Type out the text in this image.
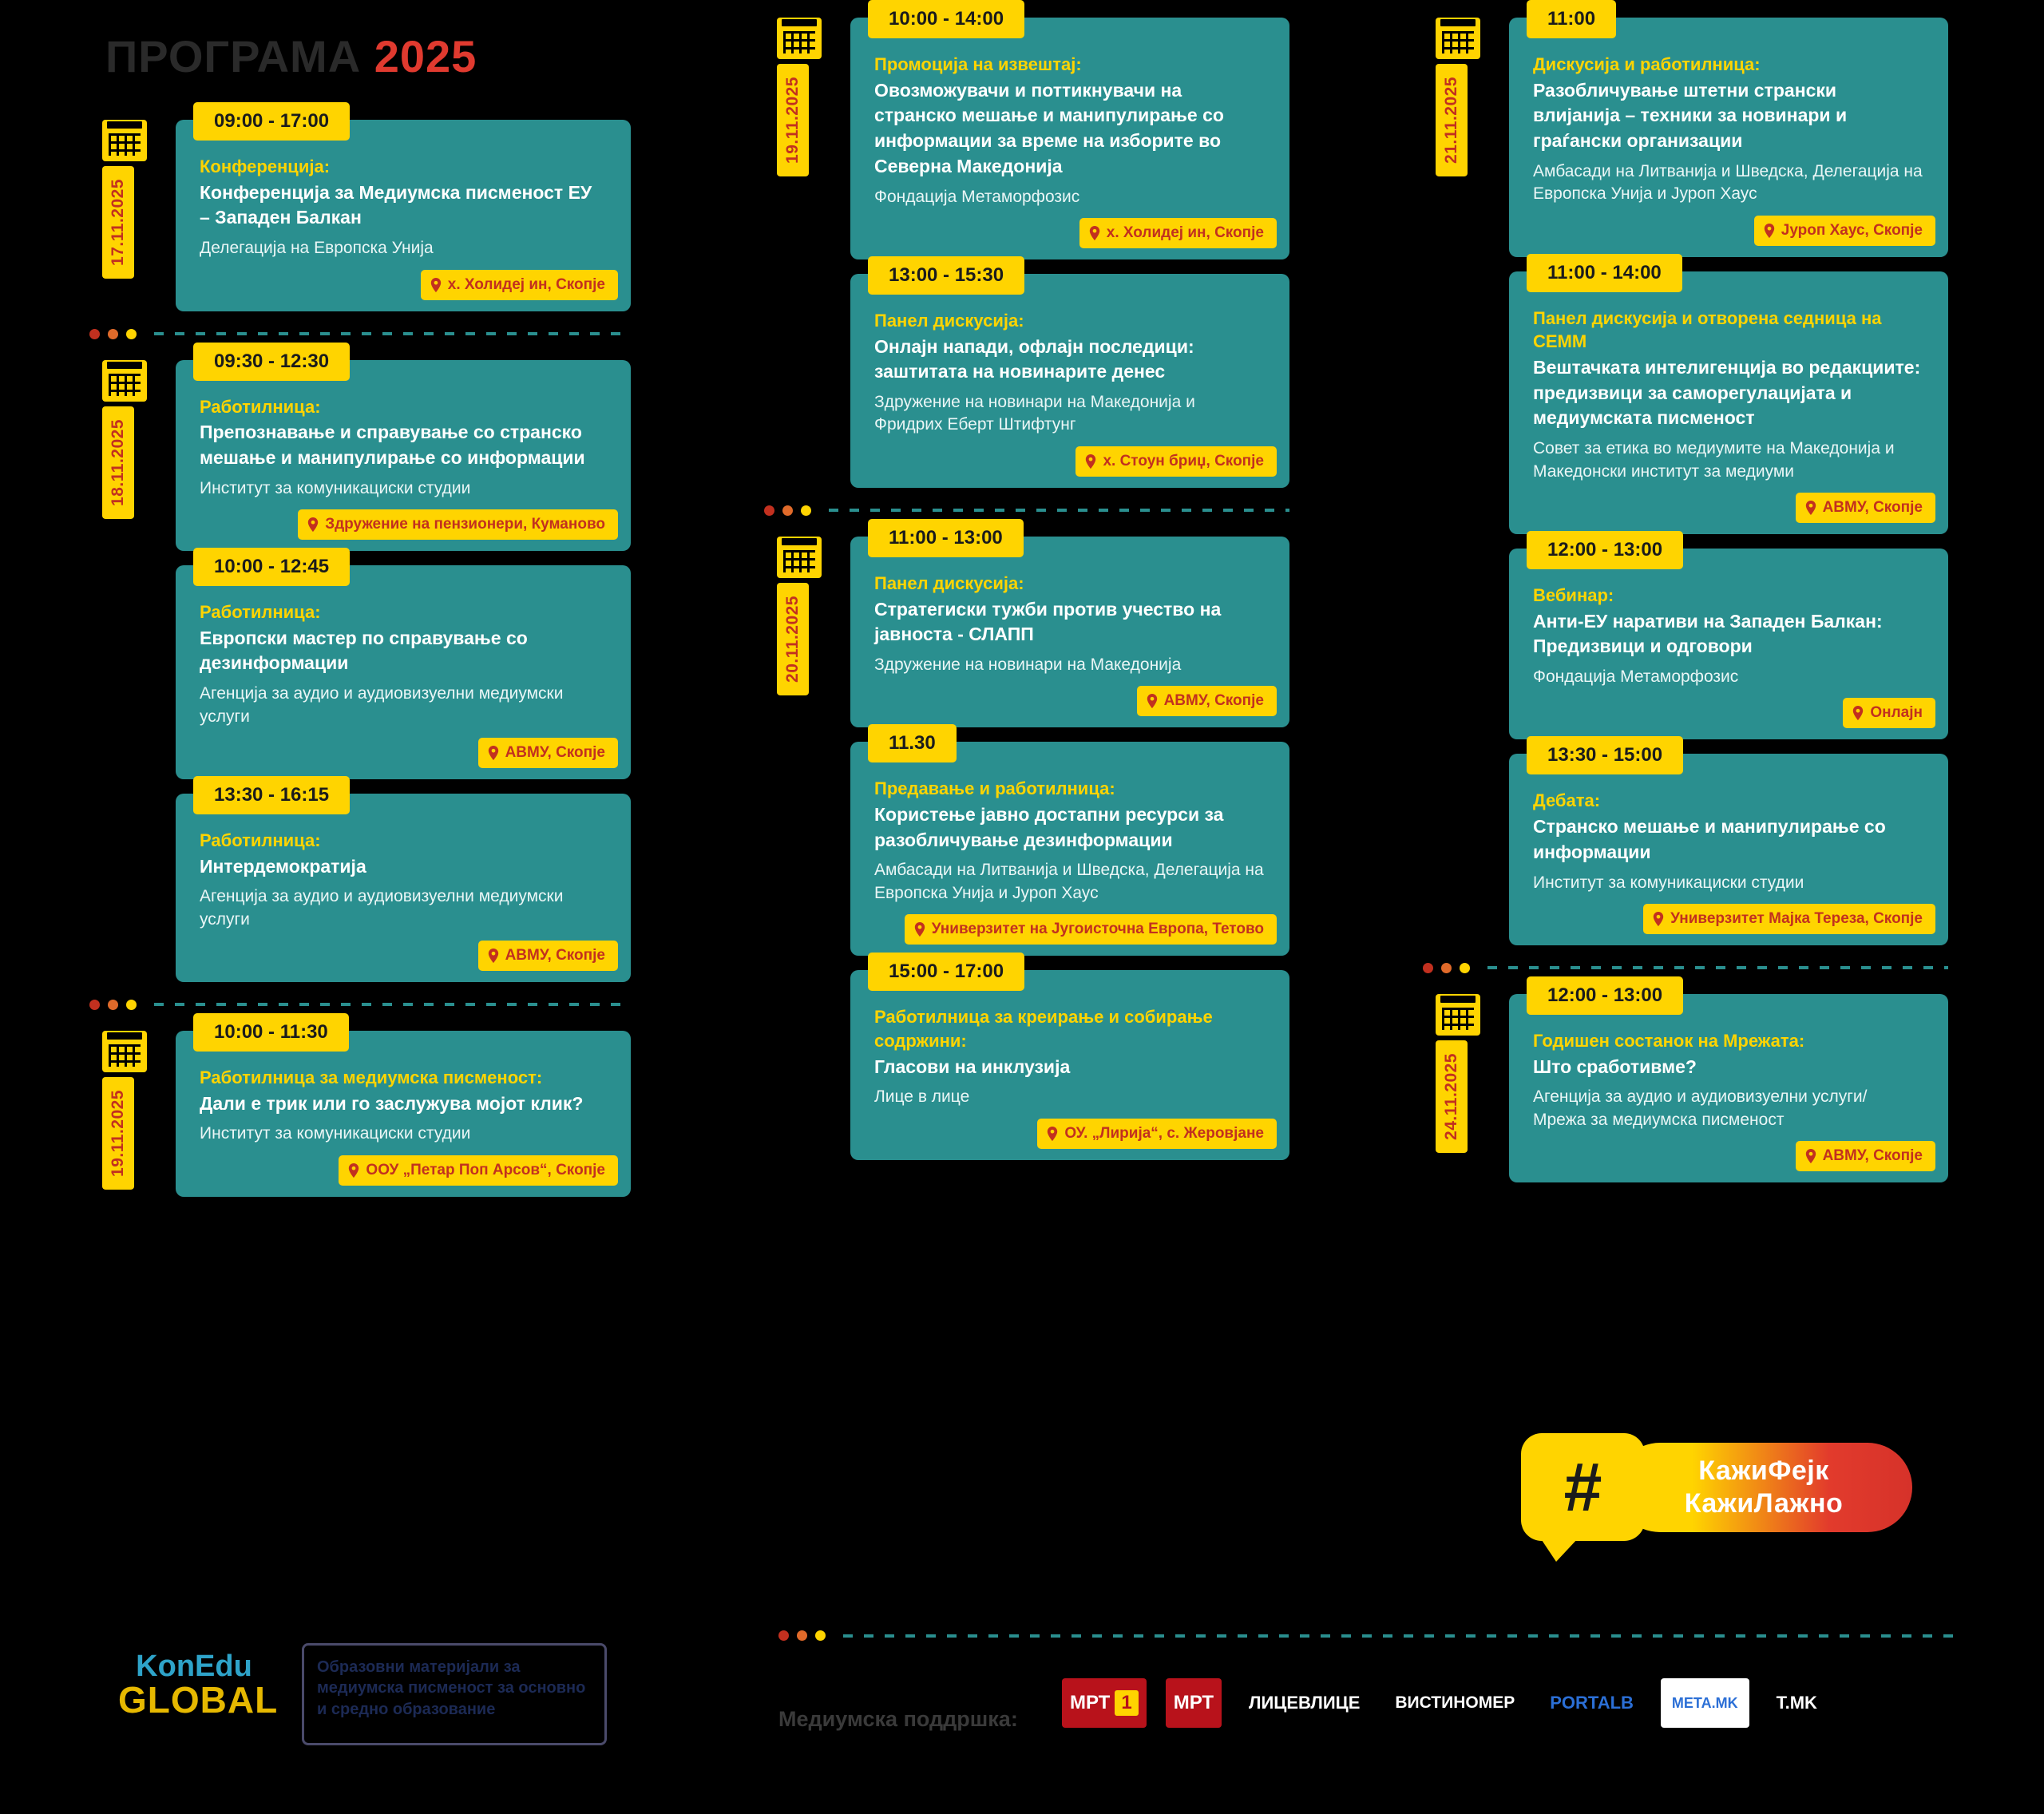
ПРОГРАМА 2025
17.11.2025
09:00 - 17:00

Конференција:

Конференција за Медиумска писменост ЕУ – Западен Балкан

Делегација на Европска Унија

х. Холидеј ин, Скопје
18.11.2025
09:30 - 12:30

Работилница:

Препознавање и справување со странско мешање и манипулирање со информации

Институт за комуникациски студии

Здружение на пензионери, Куманово
10:00 - 12:45

Работилница:

Европски мастер по справување со дезинформации

Агенција за аудио и аудиовизуелни медиумски услуги

АВМУ, Скопје
13:30 - 16:15

Работилница:

Интердемократија

Агенција за аудио и аудиовизуелни медиумски услуги

АВМУ, Скопје
19.11.2025
10:00 - 11:30

Работилница за медиумска писменост:

Дали е трик или го заслужува мојот клик?

Институт за комуникациски студии

ООУ „Петар Поп Арсов“, Скопје
19.11.2025
10:00 - 14:00

Промоција на извештај:

Овозможувачи и поттикнувачи на странско мешање и манипулирање со информации за време на изборите во Северна Македонија

Фондација Метаморфозис

х. Холидеј ин, Скопје
13:00 - 15:30

Панел дискусија:

Онлајн напади, офлајн последици: заштитата на новинарите денес

Здружение на новинари на Македонија и Фридрих Еберт Штифтунг

х. Стоун бриџ, Скопје
20.11.2025
11:00 - 13:00

Панел дискусија:

Стратегиски тужби против учество на јавноста - СЛАПП

Здружение на новинари на Македонија

АВМУ, Скопје
11.30

Предавање и работилница:

Користење јавно достапни ресурси за разобличување дезинформации

Амбасади на Литванија и Шведска, Делегација на Европска Унија и Јуроп Хаус

Универзитет на Југоисточна Европа, Тетово
15:00 - 17:00

Работилница за креирање и собирање содржини:

Гласови на инклузија

Лице в лице

ОУ. „Лирија“, с. Жеровјане
21.11.2025
11:00

Дискусија и работилница:

Разобличување штетни странски влијанија – техники за новинари и граѓански организации

Амбасади на Литванија и Шведска, Делегација на Европска Унија и Јуроп Хаус

Јуроп Хаус, Скопје
11:00 - 14:00

Панел дискусија и отворена седница на СЕММ

Вештачката интелигенција во редакциите: предизвици за саморегулацијата и медиумската писменост

Совет за етика во медиумите на Македонија и Македонски институт за медиуми

АВМУ, Скопје
12:00 - 13:00

Вебинар:

Анти-ЕУ наративи на Западен Балкан: Предизвици и одговори

Фондација Метаморфозис

Онлајн
13:30 - 15:00

Дебата:

Странско мешање и манипулирање со информации

Институт за комуникациски студии

Универзитет Мајка Тереза, Скопје
24.11.2025
12:00 - 13:00

Годишен состанок на Мрежата:

Што сработивме?

Агенција за аудио и аудиовизуелни услуги/ Мрежа за медиумска писменост

АВМУ, Скопје
#	КажиФејк
КажиЛажно
KonEdu
GLOBAL
Образовни материјали за медиумска писменост за основно и средно образование	Медиумска поддршка:
МРТ 1	МРТ ЛИЦЕВЛИЦЕ ВИСТИНОМЕР PORTALB	META.MK T.MK
